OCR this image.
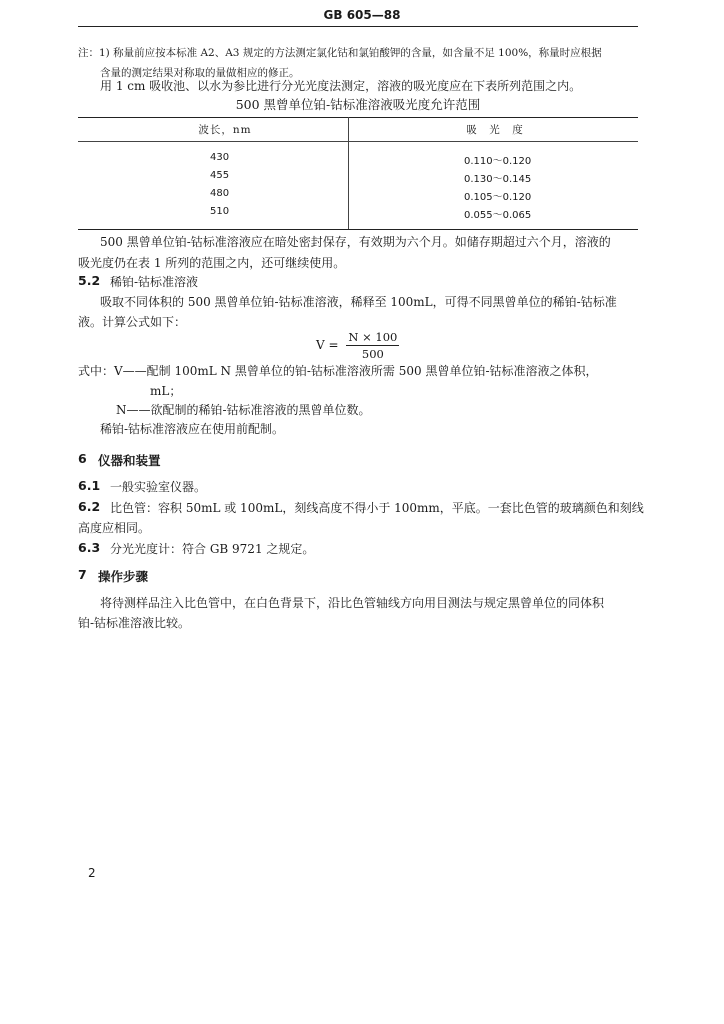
GB 605—88
注：1) 称量前应按本标准 A2、A3 规定的方法测定氯化钴和氯铂酸钾的含量，如含量不足 100%，称量时应根据
含量的测定结果对称取的量做相应的修正。
用 1 cm 吸收池、以水为参比进行分光光度法测定，溶液的吸光度应在下表所列范围之内。
500 黑曾单位铂-钴标准溶液吸光度允许范围
波长，nm	吸　光　度
430	0.110～0.120
455	0.130～0.145
480	0.105～0.120
510	0.055～0.065
500 黑曾单位铂-钴标准溶液应在暗处密封保存，有效期为六个月。如储存期超过六个月，溶液的
吸光度仍在表 1 所列的范围之内，还可继续使用。
5.2 稀铂-钴标准溶液
吸取不同体积的 500 黑曾单位铂-钴标准溶液，稀释至 100mL，可得不同黑曾单位的稀铂-钴标准
液。计算公式如下：
$V = \frac{N \times 100}{500}$
式中：V——配制 100mL N 黑曾单位的铂-钴标准溶液所需 500 黑曾单位铂-钴标准溶液之体积，
mL；
N——欲配制的稀铂-钴标准溶液的黑曾单位数。
稀铂-钴标准溶液应在使用前配制。
6 仪器和装置
6.1 一般实验室仪器。
6.2 比色管：容积 50mL 或 100mL，刻线高度不得小于 100mm，平底。一套比色管的玻璃颜色和刻线
高度应相同。
6.3 分光光度计：符合 GB 9721 之规定。
7 操作步骤
将待测样品注入比色管中，在白色背景下，沿比色管轴线方向用目测法与规定黑曾单位的同体积
铂-钴标准溶液比较。
2
